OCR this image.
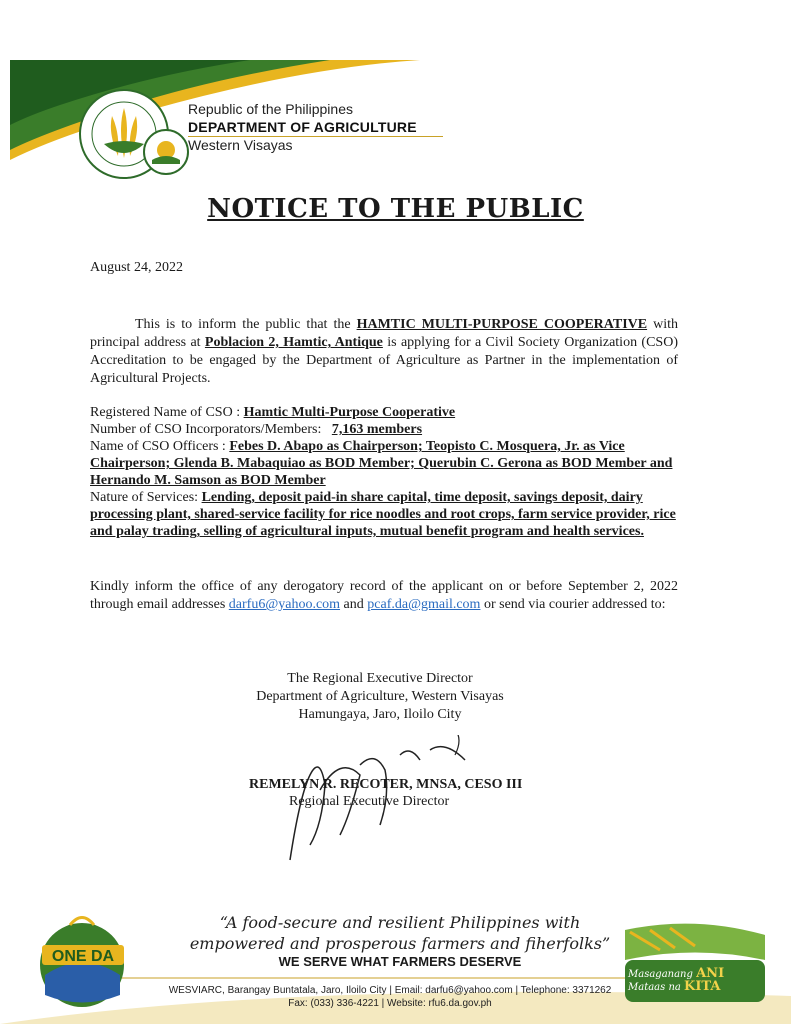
Republic of the Philippines
DEPARTMENT OF AGRICULTURE
Western Visayas
NOTICE TO THE PUBLIC
August 24, 2022
This is to inform the public that the HAMTIC MULTI-PURPOSE COOPERATIVE with principal address at Poblacion 2, Hamtic, Antique is applying for a Civil Society Organization (CSO) Accreditation to be engaged by the Department of Agriculture as Partner in the implementation of Agricultural Projects.
Registered Name of CSO : Hamtic Multi-Purpose Cooperative
Number of CSO Incorporators/Members:   7,163 members
Name of CSO Officers : Febes D. Abapo as Chairperson; Teopisto C. Mosquera, Jr. as Vice Chairperson; Glenda B. Mabaquiao as BOD Member; Querubin C. Gerona as BOD Member and Hernando M. Samson as BOD Member
Nature of Services: Lending, deposit paid-in share capital, time deposit, savings deposit, dairy processing plant, shared-service facility for rice noodles and root crops, farm service provider, rice and palay trading, selling of agricultural inputs, mutual benefit program and health services.
Kindly inform the office of any derogatory record of the applicant on or before September 2, 2022 through email addresses darfu6@yahoo.com and pcaf.da@gmail.com or send via courier addressed to:
The Regional Executive Director
Department of Agriculture, Western Visayas
Hamungaya, Jaro, Iloilo City
REMELYN R. RECOTER, MNSA, CESO III
Regional Executive Director
ONE DA
“A food-secure and resilient Philippines with
empowered and prosperous farmers and fiherfolks”
WE SERVE WHAT FARMERS DESERVE
WESVIARC, Barangay Buntatala, Jaro, Iloilo City | Email: darfu6@yahoo.com | Telephone: 3371262
Fax: (033) 336-4221 | Website: rfu6.da.gov.ph
Masaganang ANI
Mataas na KITA
